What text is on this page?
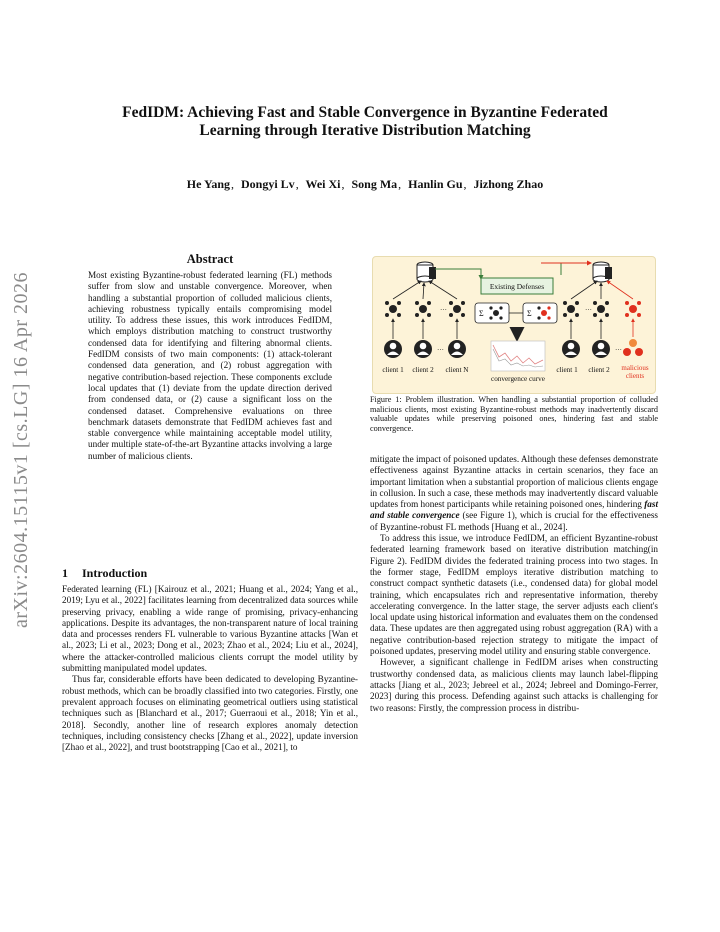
arXiv:2604.15115v1 [cs.LG] 16 Apr 2026
FedIDM: Achieving Fast and Stable Convergence in Byzantine Federated Learning through Iterative Distribution Matching
He Yang, Dongyi Lv, Wei Xi, Song Ma, Hanlin Gu, Jizhong Zhao
Abstract
Most existing Byzantine-robust federated learning (FL) methods suffer from slow and unstable convergence. Moreover, when handling a substantial proportion of colluded malicious clients, achieving robustness typically entails compromising model utility. To address these issues, this work introduces FedIDM, which employs distribution matching to construct trustworthy condensed data for identifying and filtering abnormal clients. FedIDM consists of two main components: (1) attack-tolerant condensed data generation, and (2) robust aggregation with negative contribution-based rejection. These components exclude local updates that (1) deviate from the update direction derived from condensed data, or (2) cause a significant loss on the condensed dataset. Comprehensive evaluations on three benchmark datasets demonstrate that FedIDM achieves fast and stable convergence while maintaining acceptable model utility, under multiple state-of-the-art Byzantine attacks involving a large number of malicious clients.
1 Introduction

Federated learning (FL) [Kairouz et al., 2021; Huang et al., 2024; Yang et al., 2019; Lyu et al., 2022] facilitates learning from decentralized data sources while preserving privacy, enabling a wide range of promising, privacy-enhancing applications. Despite its advantages, the non-transparent nature of local training data and processes renders FL vulnerable to various Byzantine attacks [Wan et al., 2023; Li et al., 2023; Dong et al., 2023; Zhao et al., 2024; Liu et al., 2024], where the attacker-controlled malicious clients corrupt the model utility by submitting manipulated model updates.

Thus far, considerable efforts have been dedicated to developing Byzantine-robust methods, which can be broadly classified into two categories. Firstly, one prevalent approach focuses on eliminating geometrical outliers using statistical techniques such as [Blanchard et al., 2017; Guerraoui et al., 2018; Yin et al., 2018]. Secondly, another line of research explores anomaly detection techniques, including consistency checks [Zhang et al., 2022], update inversion [Zhao et al., 2022], and trust bootstrapping [Cao et al., 2021], to

Existing Defenses
···	Σ	Σ
convergence curve
···
···
client 1 client 2 client N
···
client 1 client 2 malicious clients
Figure 1: Problem illustration. When handling a substantial proportion of colluded malicious clients, most existing Byzantine-robust methods may inadvertently discard valuable updates while preserving poisoned ones, hindering fast and stable convergence.

mitigate the impact of poisoned updates. Although these defenses demonstrate effectiveness against Byzantine attacks in certain scenarios, they face an important limitation when a substantial proportion of malicious clients engage in collusion. In such a case, these methods may inadvertently discard valuable updates from honest participants while retaining poisoned ones, hindering fast and stable convergence (see Figure 1), which is crucial for the effectiveness of Byzantine-robust FL methods [Huang et al., 2024].

To address this issue, we introduce FedIDM, an efficient Byzantine-robust federated learning framework based on iterative distribution matching(in Figure 2). FedIDM divides the federated training process into two stages. In the former stage, FedIDM employs iterative distribution matching to construct compact synthetic datasets (i.e., condensed data) for global model training, which encapsulates rich and representative information, thereby accelerating convergence. In the latter stage, the server adjusts each client's local update using historical information and evaluates them on the condensed data. These updates are then aggregated using robust aggregation (RA) with a negative contribution-based rejection strategy to mitigate the impact of poisoned updates, preserving model utility and ensuring stable convergence.

However, a significant challenge in FedIDM arises when constructing trustworthy condensed data, as malicious clients may launch label-flipping attacks [Jiang et al., 2023; Jebreel et al., 2024; Jebreel and Domingo-Ferrer, 2023] during this process. Defending against such attacks is challenging for two reasons: Firstly, the compression process in distribu-
